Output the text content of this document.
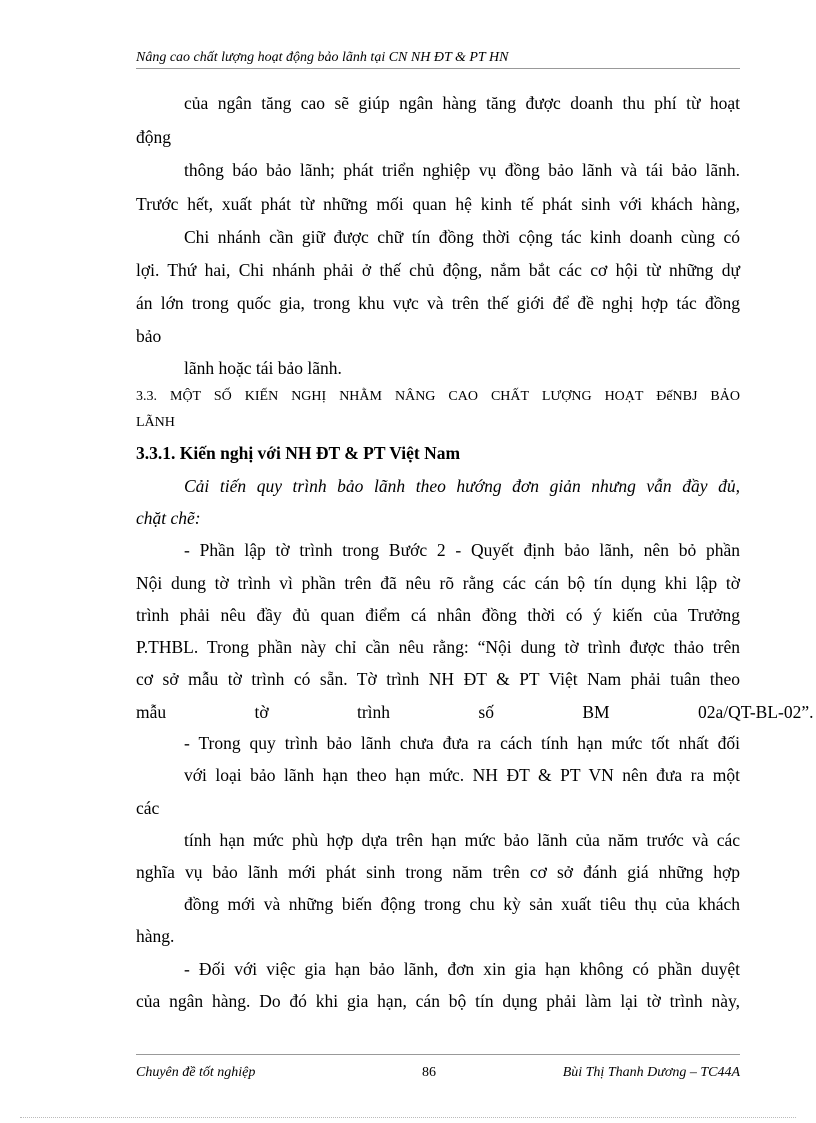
Nâng cao chất lượng hoạt động bảo lãnh tại CN NH ĐT & PT HN
của ngân tăng cao sẽ giúp ngân hàng tăng được doanh thu phí từ hoạt
động
thông báo bảo lãnh; phát triển nghiệp vụ đồng bảo lãnh và tái bảo lãnh.
Trước hết, xuất phát từ những mối quan hệ kinh tế phát sinh với khách hàng,
Chi nhánh cần giữ được chữ tín đồng thời cộng tác kinh doanh cùng có
lợi. Thứ hai, Chi nhánh phải ở thế chủ động, nắm bắt các cơ hội từ những dự
án lớn trong quốc gia, trong khu vực và trên thế giới để đề nghị hợp tác đồng
bảo
lãnh hoặc tái bảo lãnh.
3.3. MỘT SỐ KIẾN NGHỊ NHẰM NÂNG CAO CHẤT LƯỢNG HOẠT ĐếNBJ BẢO
LÃNH
3.3.1. Kiến nghị với NH ĐT & PT Việt Nam
Cải tiến quy trình bảo lãnh theo hướng đơn giản nhưng vẫn đầy đủ,
chặt chẽ:
- Phần lập tờ trình trong Bước 2 - Quyết định bảo lãnh, nên bỏ phần
Nội dung tờ trình vì phần trên đã nêu rõ rằng các cán bộ tín dụng khi lập tờ
trình phải nêu đầy đủ quan điểm cá nhân đồng thời có ý kiến của Trưởng
P.THBL. Trong phần này chỉ cần nêu rằng: “Nội dung tờ trình được thảo trên
cơ sở mẫu tờ trình có sẵn. Tờ trình NH ĐT & PT Việt Nam phải tuân theo
mẫu tờ trình số BM 02a/QT-BL-02”.
- Trong quy trình bảo lãnh chưa đưa ra cách tính hạn mức tốt nhất đối
với loại bảo lãnh hạn theo hạn mức. NH ĐT & PT VN nên đưa ra một
các
tính hạn mức phù hợp dựa trên hạn mức bảo lãnh của năm trước và các
nghĩa vụ bảo lãnh mới phát sinh trong năm trên cơ sở đánh giá những hợp
đồng mới và những biến động trong chu kỳ sản xuất tiêu thụ của khách
hàng.
- Đối với việc gia hạn bảo lãnh, đơn xin gia hạn không có phần duyệt
của ngân hàng. Do đó khi gia hạn, cán bộ tín dụng phải làm lại tờ trình này,
Chuyên đề tốt nghiệp	86	Bùi Thị Thanh Dương – TC44A
